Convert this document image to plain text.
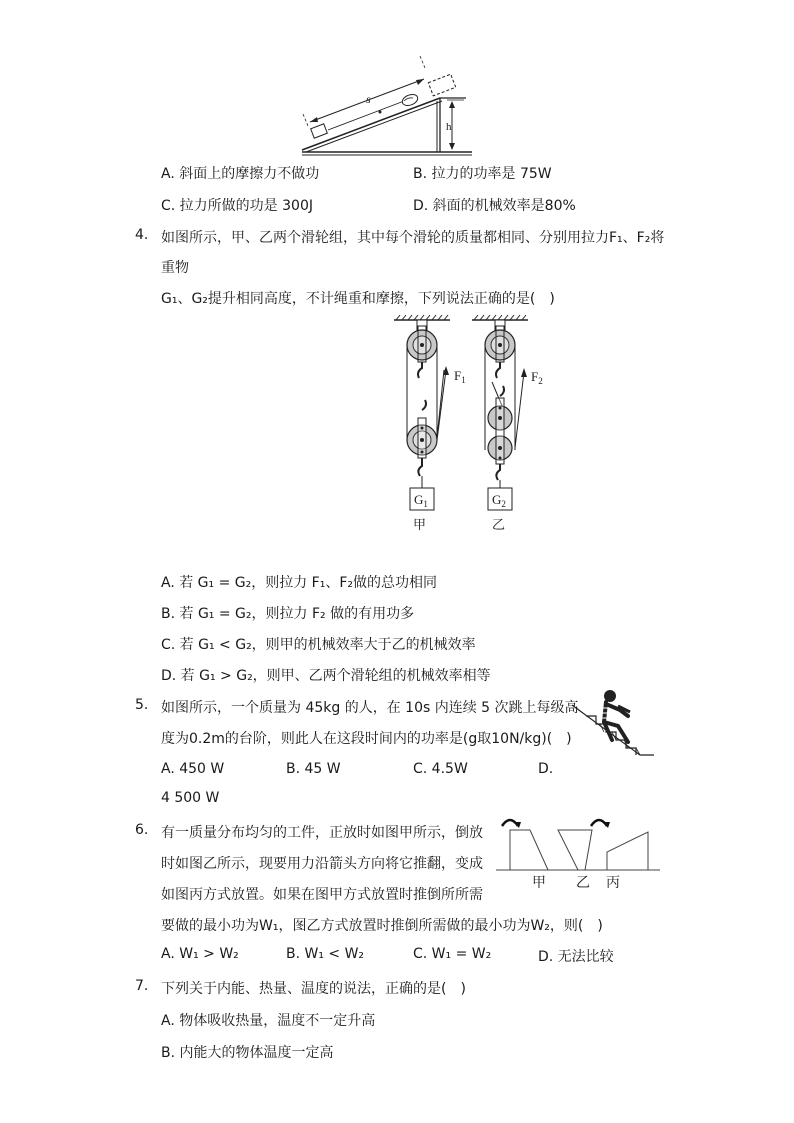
h
s
A. 斜面上的摩擦力不做功	B. 拉力的功率是 75W
C. 拉力所做的功是 300J	D. 斜面的机械效率是80%
4. 如图所示，甲、乙两个滑轮组，其中每个滑轮的质量都相同、分别用拉力F₁、F₂将
重物
G₁、G₂提升相同高度，不计绳重和摩擦，下列说法正确的是(　)
$F_1$	$F_2$
$G_1$	$G_2$
甲	乙
A. 若 G₁ = G₂，则拉力 F₁、F₂做的总功相同
B. 若 G₁ = G₂，则拉力 F₂ 做的有用功多
C. 若 G₁ < G₂，则甲的机械效率大于乙的机械效率
D. 若 G₁ > G₂，则甲、乙两个滑轮组的机械效率相等
5. 如图所示，一个质量为 45kg 的人，在 10s 内连续 5 次跳上每级高
度为0.2m的台阶，则此人在这段时间内的功率是(g取10N/kg)(　)
A. 450 W	B. 45 W	C. 4.5W	D.
4 500 W
6. 有一质量分布均匀的工件，正放时如图甲所示，倒放
时如图乙所示，现要用力沿箭头方向将它推翻，变成
如图丙方式放置。如果在图甲方式放置时推倒所所需
要做的最小功为W₁，图乙方式放置时推倒所需做的最小功为W₂，则(　)
甲 乙 丙
A. W₁ > W₂	B. W₁ < W₂	C. W₁ = W₂	D. 无法比较
7. 下列关于内能、热量、温度的说法，正确的是(　)
A. 物体吸收热量，温度不一定升高
B. 内能大的物体温度一定高
